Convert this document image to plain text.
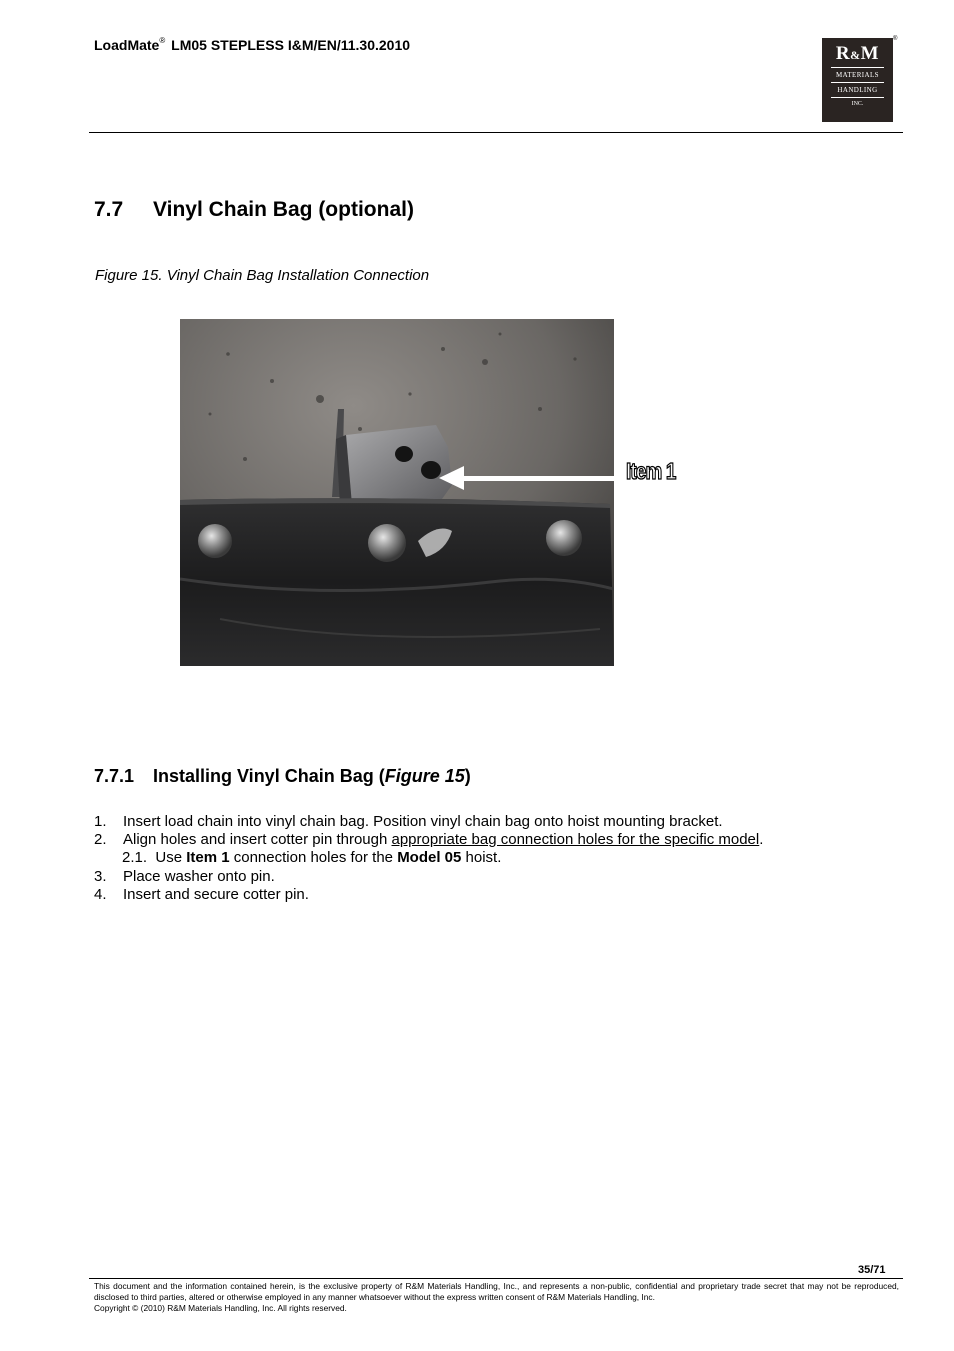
LoadMate® LM05 STEPLESS I&M/EN/11.30.2010	R&M
MATERIALS
HANDLING
INC.
®
7.7 Vinyl Chain Bag (optional)
Figure 15. Vinyl Chain Bag Installation Connection
Item 1
7.7.1 Installing Vinyl Chain Bag (Figure 15)
1. Insert load chain into vinyl chain bag. Position vinyl chain bag onto hoist mounting bracket.
2. Align holes and insert cotter pin through appropriate bag connection holes for the specific model.
2.1. Use Item 1 connection holes for the Model 05 hoist.
3. Place washer onto pin.
4. Insert and secure cotter pin.
35/71
This document and the information contained herein, is the exclusive property of R&M Materials Handling, Inc., and represents a non-public, confidential and proprietary trade secret that may not be reproduced, disclosed to third parties, altered or otherwise employed in any manner whatsoever without the express written consent of R&M Materials Handling, Inc.
Copyright © (2010) R&M Materials Handling, Inc. All rights reserved.
